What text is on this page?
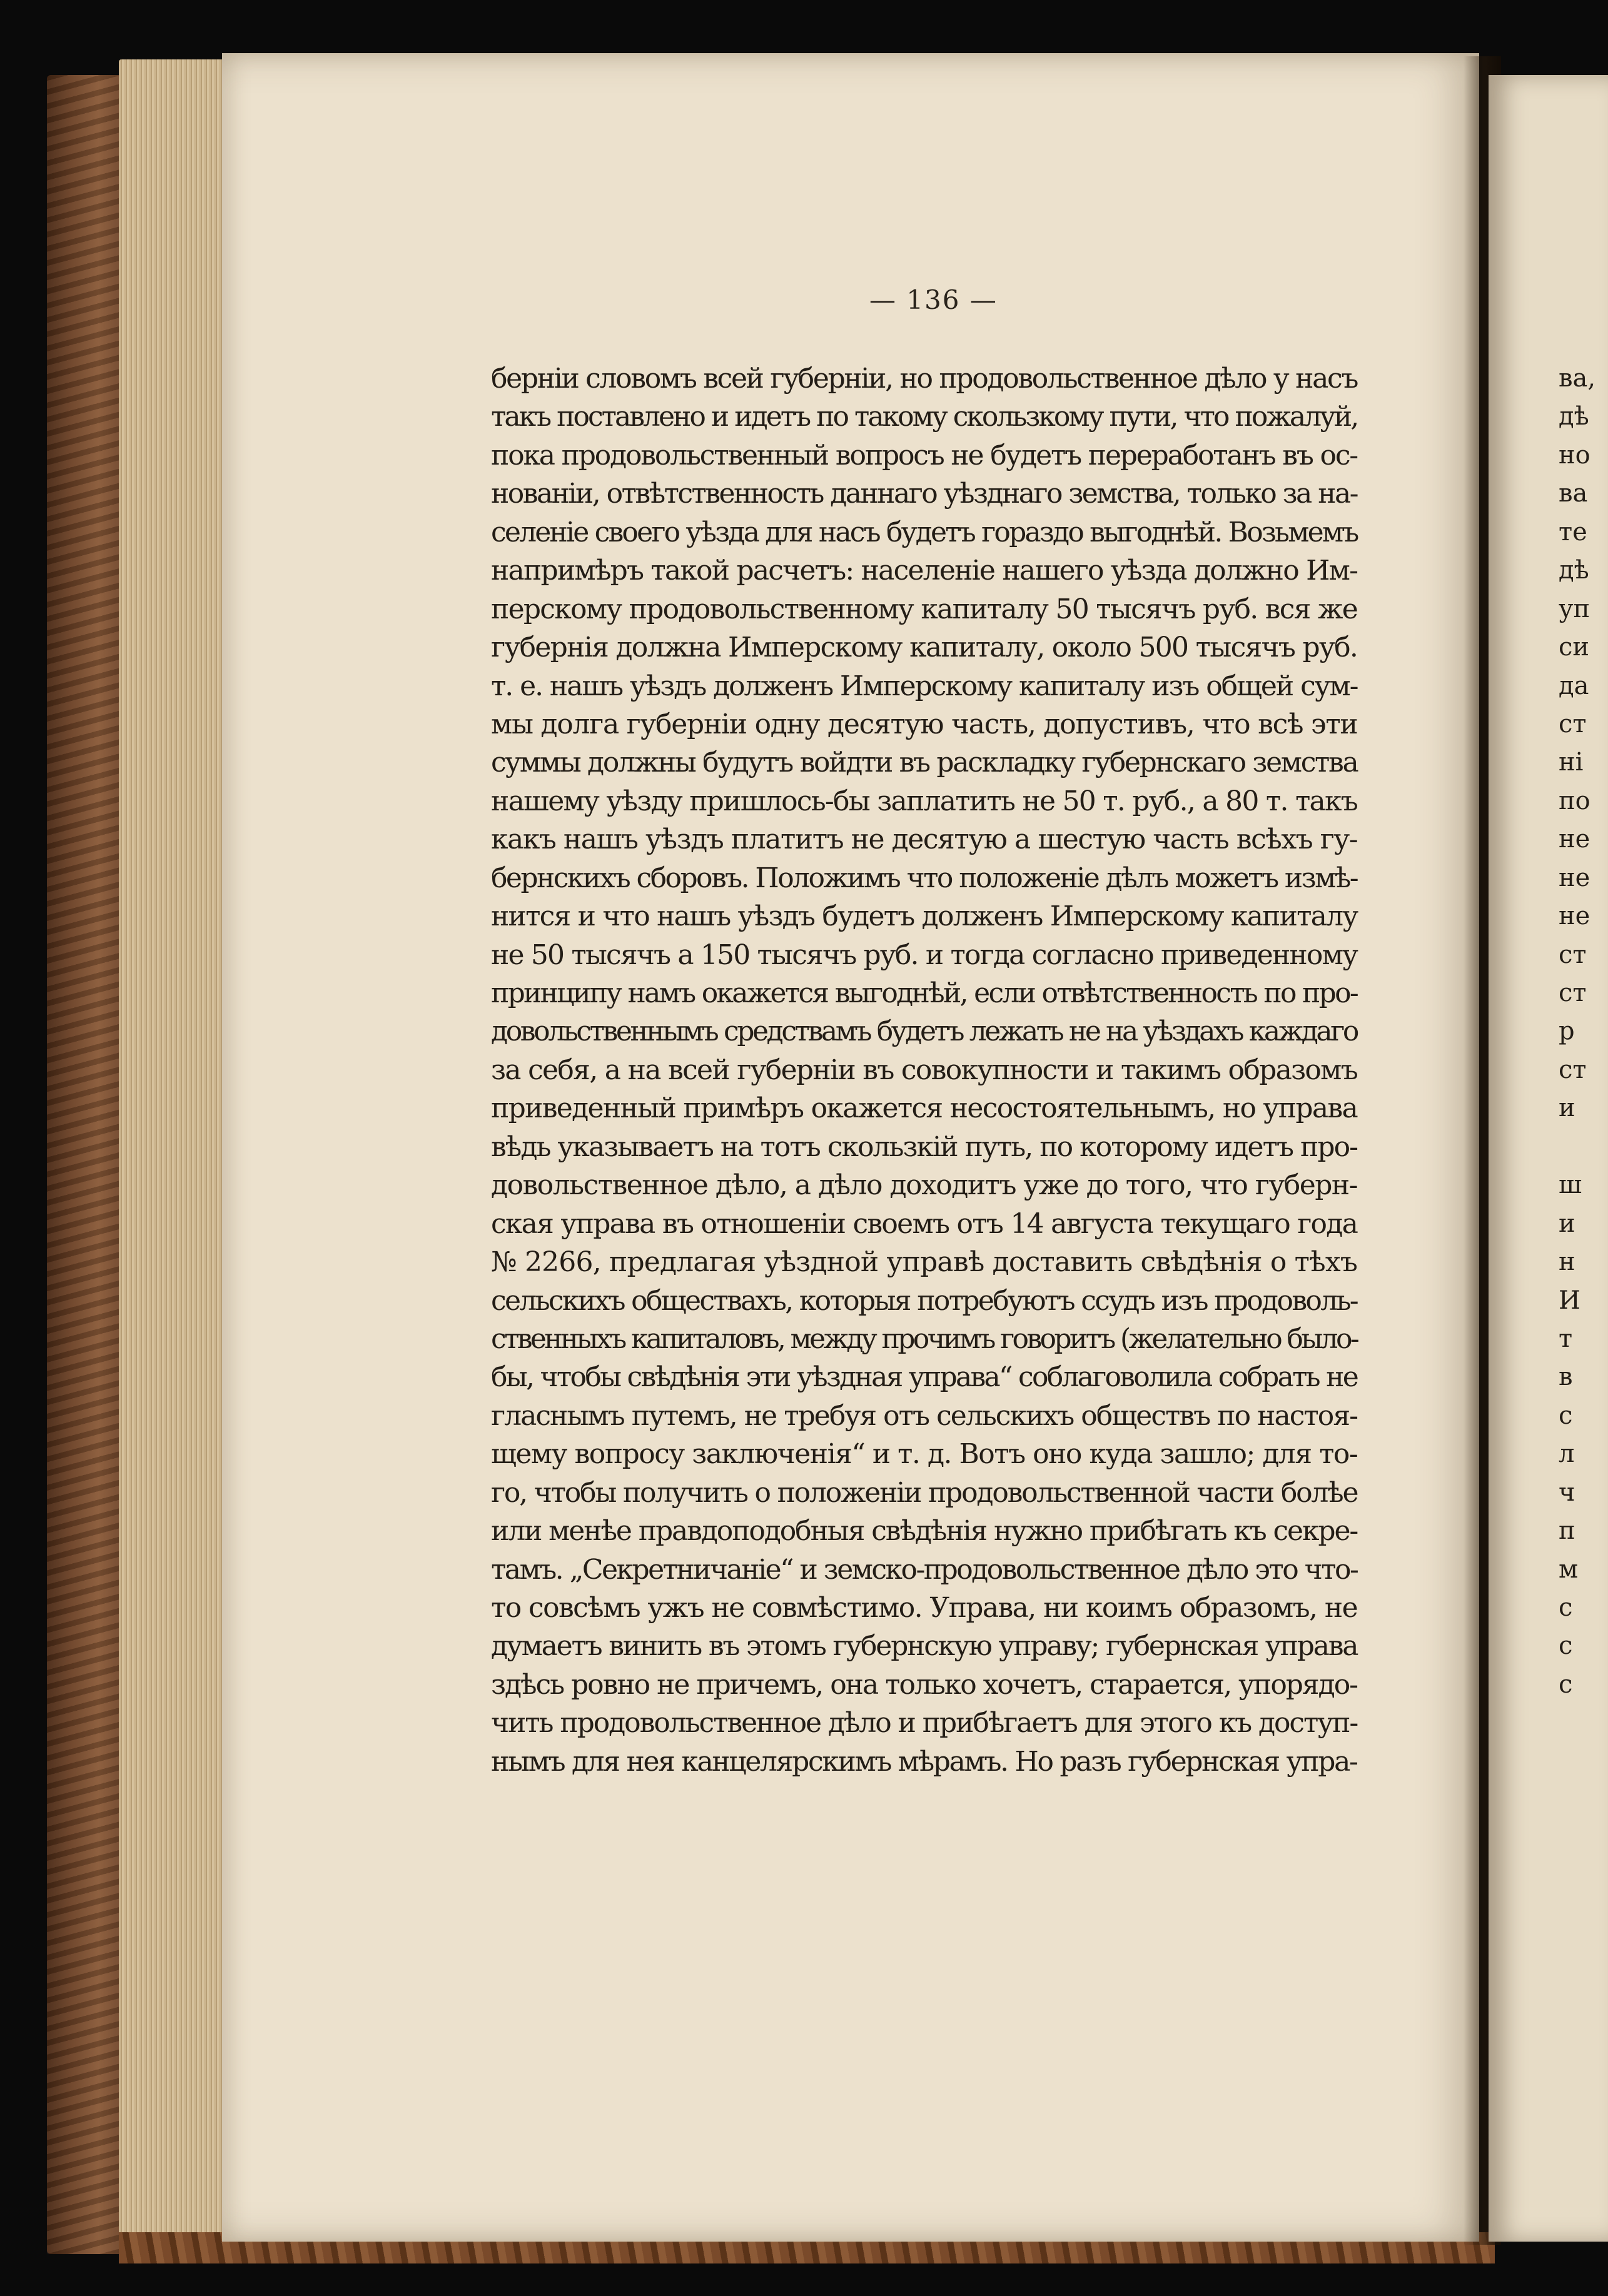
— 136 —
берніи словомъ всей губерніи, но продовольственное дѣло у насъ
такъ поставлено и идетъ по такому скользкому пути, что пожалуй,
пока продовольственный вопросъ не будетъ переработанъ въ ос-
нованіи, отвѣтственность даннаго уѣзднаго земства, только за на-
селеніе своего уѣзда для насъ будетъ гораздо выгоднѣй. Возьмемъ
напримѣръ такой расчетъ: населеніе нашего уѣзда должно Им-
перскому продовольственному капиталу 50 тысячъ руб. вся же
губернія должна Имперскому капиталу, около 500 тысячъ руб.
т. е. нашъ уѣздъ долженъ Имперскому капиталу изъ общей сум-
мы долга губерніи одну десятую часть, допустивъ, что всѣ эти
суммы должны будутъ войдти въ раскладку губернскаго земства
нашему уѣзду пришлось-бы заплатить не 50 т. руб., а 80 т. такъ
какъ нашъ уѣздъ платитъ не десятую а шестую часть всѣхъ гу-
бернскихъ сборовъ. Положимъ что положеніе дѣлъ можетъ измѣ-
нится и что нашъ уѣздъ будетъ долженъ Имперскому капиталу
не 50 тысячъ а 150 тысячъ руб. и тогда согласно приведенному
принципу намъ окажется выгоднѣй, если отвѣтственность по про-
довольственнымъ средствамъ будетъ лежать не на уѣздахъ каждаго
за себя, а на всей губерніи въ совокупности и такимъ образомъ
приведенный примѣръ окажется несостоятельнымъ, но управа
вѣдь указываетъ на тотъ скользкій путь, по которому идетъ про-
довольственное дѣло, а дѣло доходитъ уже до того, что губерн-
ская управа въ отношеніи своемъ отъ 14 августа текущаго года
№ 2266, предлагая уѣздной управѣ доставить свѣдѣнія о тѣхъ
сельскихъ обществахъ, которыя потребуютъ ссудъ изъ продоволь-
ственныхъ капиталовъ, между прочимъ говоритъ (желательно было-
бы, чтобы свѣдѣнія эти уѣздная управа“ соблаговолила собрать не
гласнымъ путемъ, не требуя отъ сельскихъ обществъ по настоя-
щему вопросу заключенія“ и т. д. Вотъ оно куда зашло; для то-
го, чтобы получить о положеніи продовольственной части болѣе
или менѣе правдоподобныя свѣдѣнія нужно прибѣгать къ секре-
тамъ. „Секретничаніе“ и земско-продовольственное дѣло это что-
то совсѣмъ ужъ не совмѣстимо. Управа, ни коимъ образомъ, не
думаетъ винить въ этомъ губернскую управу; губернская управа
здѣсь ровно не причемъ, она только хочетъ, старается, упорядо-
чить продовольственное дѣло и прибѣгаетъ для этого къ доступ-
нымъ для нея канцелярскимъ мѣрамъ. Но разъ губернская упра-
ва,
дѣ
но
ва
те
дѣ
уп
си
да
ст
ні
по
не
не
не
ст
ст
р
ст
и
ш
и
н
И
т
в
с
л
ч
п
м
с
с
с
